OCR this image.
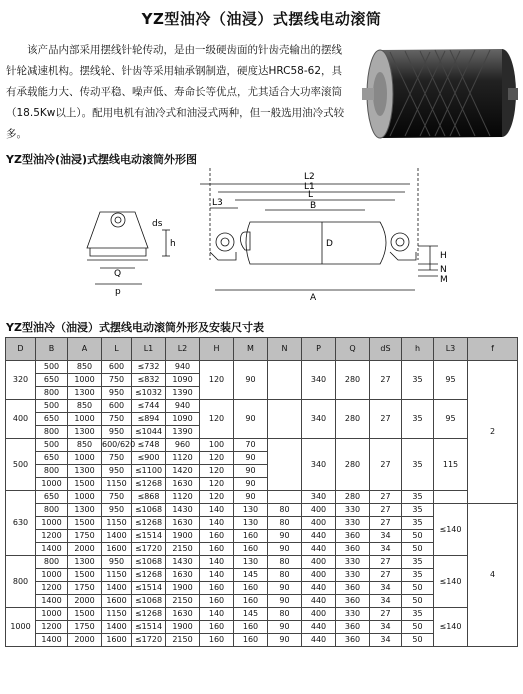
YZ型油冷（油浸）式摆线电动滚筒

该产品内部采用摆线针轮传动，是由一级硬齿面的针齿壳输出的摆线针轮减速机构。摆线轮、针齿等采用轴承钢制造，硬度达HRC58-62，具有承载能力大、传动平稳、噪声低、寿命长等优点，尤其适合大功率滚筒（18.5Kw以上）。配用电机有油冷式和油浸式两种，但一般选用油冷式较多。

YZ型油冷(油浸)式摆线电动滚筒外形图
L2
L1
L
L3	B
D
H
N
M
A
ds
h
Q
p
YZ型油冷（油浸）式摆线电动滚筒外形及安装尺寸表
D	B	A	L	L1	L2	H	M	N	P	Q	dS	h	L3	f
320	500	850	600	≤732	940	120	90		340	280	27	35	95	2
	650	1000	750	≤832	1090									
	800	1300	950	≤1032	1390									
400	500	850	600	≤744	940	120	90		340	280	27	35	95	
	650	1000	750	≤894	1090									
	800	1300	950	≤1044	1390									
500	500	850	600/620	≤748	960	100	70		340	280	27	35	115	
	650	1000	750	≤900	1120	120	90							
	800	1300	950	≤1100	1420	120	90							
	1000	1500	1150	≤1268	1630	120	90							
630	650	1000	750	≤868	1120	120	90		340	280	27	35		
	800	1300	950	≤1068	1430	140	130	80	400	330	27	35	≤140	4
	1000	1500	1150	≤1268	1630	140	130	80	400	330	27	35		
	1200	1750	1400	≤1514	1900	160	160	90	440	360	34	50		
	1400	2000	1600	≤1720	2150	160	160	90	440	360	34	50		
800	800	1300	950	≤1068	1430	140	130	80	400	330	27	35	≤140	
	1000	1500	1150	≤1268	1630	140	145	80	400	330	27	35		
	1200	1750	1400	≤1514	1900	160	160	90	440	360	34	50		
	1400	2000	1600	≤1068	2150	160	160	90	440	360	34	50		
1000	1000	1500	1150	≤1268	1630	140	145	80	400	330	27	35	≤140	
	1200	1750	1400	≤1514	1900	160	160	90	440	360	34	50		
	1400	2000	1600	≤1720	2150	160	160	90	440	360	34	50		
